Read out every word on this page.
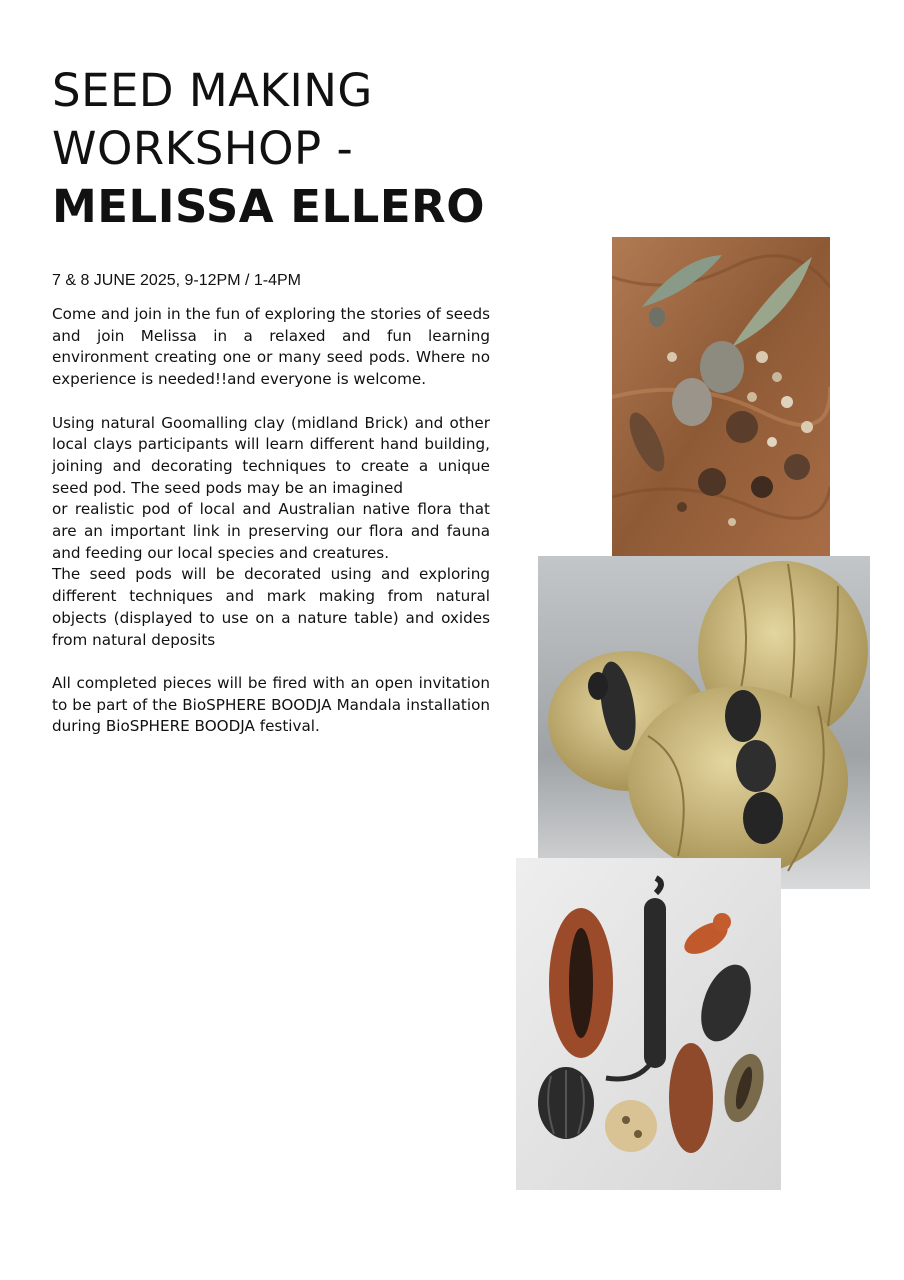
SEED MAKING
WORKSHOP -
MELISSA ELLERO
7 & 8 JUNE 2025, 9-12PM / 1-4PM

Come and join in the fun of exploring the stories of seeds and join Melissa in a relaxed and fun learning environment creating one or many seed pods. Where no experience is needed!!and everyone is welcome.

Using natural Goomalling clay (midland Brick) and other local clays participants will learn different hand building, joining and decorating techniques to create a unique seed pod. The seed pods may be an imagined

or realistic pod of local and Australian native flora that are an important link in preserving our flora and fauna and feeding our local species and creatures.

The seed pods will be decorated using and exploring different techniques and mark making from natural objects (displayed to use on a nature table) and oxides from natural deposits

All completed pieces will be fired with an open invitation to be part of the BioSPHERE BOODJA Mandala installation during BioSPHERE BOODJA festival.
